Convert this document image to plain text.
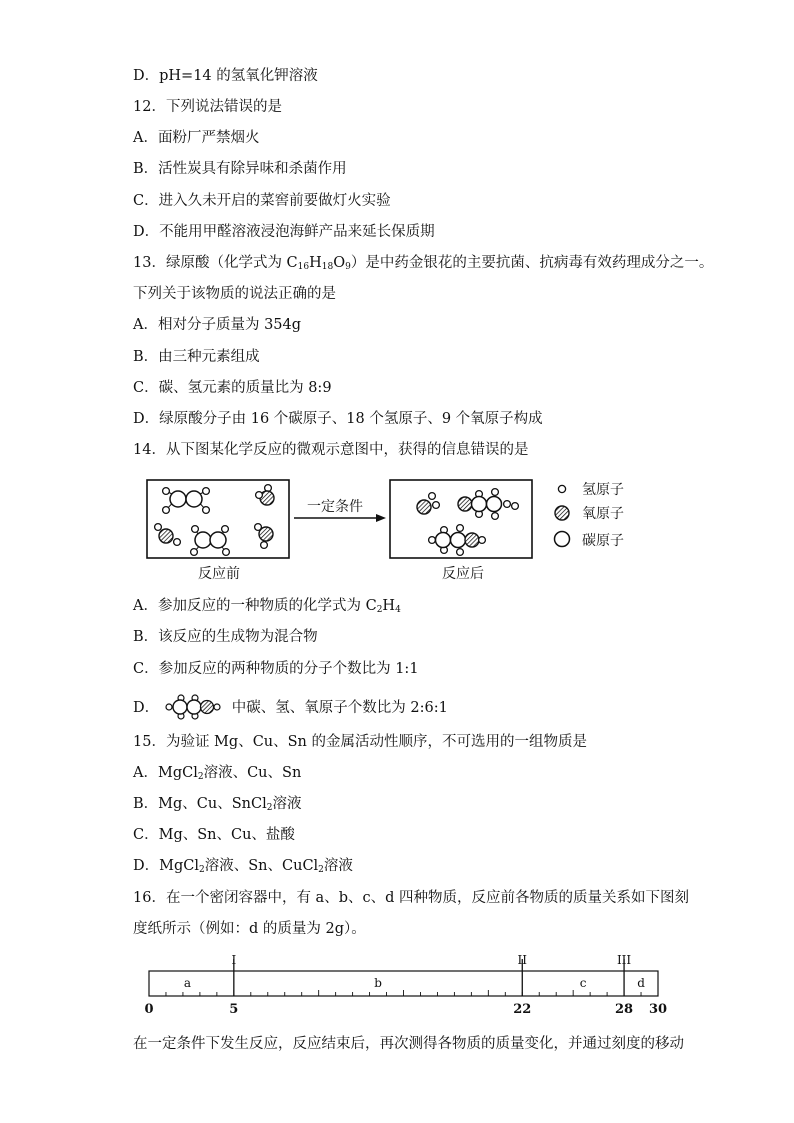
D．pH=14 的氢氧化钾溶液
12．下列说法错误的是
A．面粉厂严禁烟火
B．活性炭具有除异味和杀菌作用
C．进入久未开启的菜窖前要做灯火实验
D．不能用甲醛溶液浸泡海鲜产品来延长保质期
13．绿原酸（化学式为 $C_{16}H_{18}O_9$）是中药金银花的主要抗菌、抗病毒有效药理成分之一。
下列关于该物质的说法正确的是
A．相对分子质量为 354g
B．由三种元素组成
C．碳、氢元素的质量比为 8:9
D．绿原酸分子由 16 个碳原子、18 个氢原子、9 个氧原子构成
14．从下图某化学反应的微观示意图中，获得的信息错误的是
反应前
一定条件
反应后
氢原子
氧原子
碳原子
A．参加反应的一种物质的化学式为 $C_2H_4$
B．该反应的生成物为混合物
C．参加反应的两种物质的分子个数比为 1:1
D．	中碳、氢、氧原子个数比为 2:6:1
15．为验证 Mg、Cu、Sn 的金属活动性顺序，不可选用的一组物质是
A．MgCl$_2$溶液、Cu、Sn
B．Mg、Cu、SnCl$_2$溶液
C．Mg、Sn、Cu、盐酸
D．MgCl$_2$溶液、Sn、CuCl$_2$溶液
16．在一个密闭容器中，有 a、b、c、d 四种物质，反应前各物质的质量关系如下图刻
度纸所示（例如：d 的质量为 2g）。
a	b	c	d
I	II	III
0	5	22	28 30
在一定条件下发生反应，反应结束后，再次测得各物质的质量变化，并通过刻度的移动
